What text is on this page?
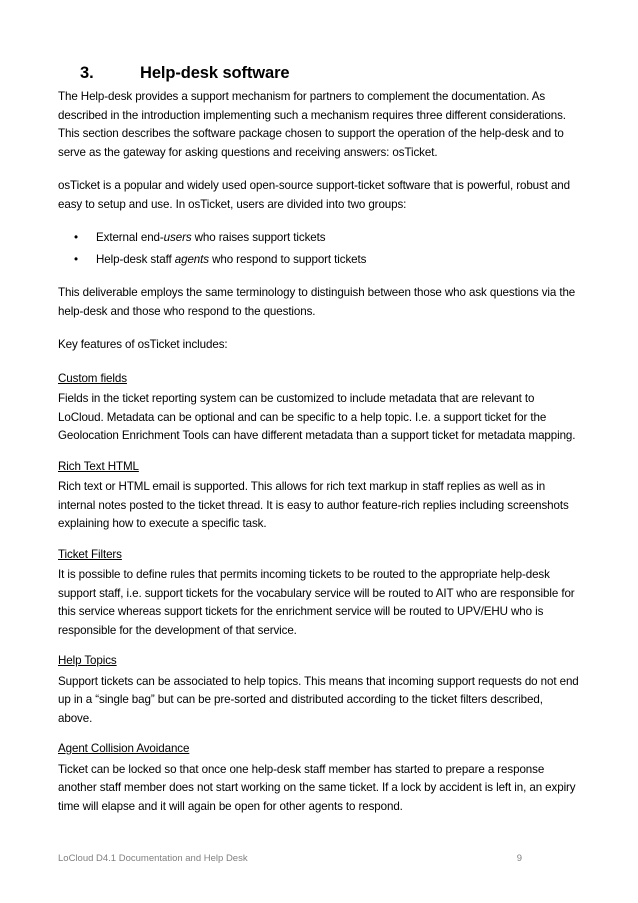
3.	Help-desk software

The Help-desk provides a support mechanism for partners to complement the documentation. As described in the introduction implementing such a mechanism requires three different considerations. This section describes the software package chosen to support the operation of the help-desk and to serve as the gateway for asking questions and receiving answers: osTicket.

osTicket is a popular and widely used open-source support-ticket software that is powerful, robust and easy to setup and use. In osTicket, users are divided into two groups:

• External end-users who raises support tickets
• Help-desk staff agents who respond to support tickets

This deliverable employs the same terminology to distinguish between those who ask questions via the help-desk and those who respond to the questions.

Key features of osTicket includes:

Custom fields

Fields in the ticket reporting system can be customized to include metadata that are relevant to LoCloud. Metadata can be optional and can be specific to a help topic. I.e. a support ticket for the Geolocation Enrichment Tools can have different metadata than a support ticket for metadata mapping.

Rich Text HTML

Rich text or HTML email is supported. This allows for rich text markup in staff replies as well as in internal notes posted to the ticket thread. It is easy to author feature-rich replies including screenshots explaining how to execute a specific task.

Ticket Filters

It is possible to define rules that permits incoming tickets to be routed to the appropriate help-desk support staff, i.e. support tickets for the vocabulary service will be routed to AIT who are responsible for this service whereas support tickets for the enrichment service will be routed to UPV/EHU who is responsible for the development of that service.

Help Topics

Support tickets can be associated to help topics. This means that incoming support requests do not end up in a “single bag” but can be pre-sorted and distributed according to the ticket filters described, above.

Agent Collision Avoidance

Ticket can be locked so that once one help-desk staff member has started to prepare a response another staff member does not start working on the same ticket. If a lock by accident is left in, an expiry time will elapse and it will again be open for other agents to respond.

LoCloud D4.1 Documentation and Help Desk	9
